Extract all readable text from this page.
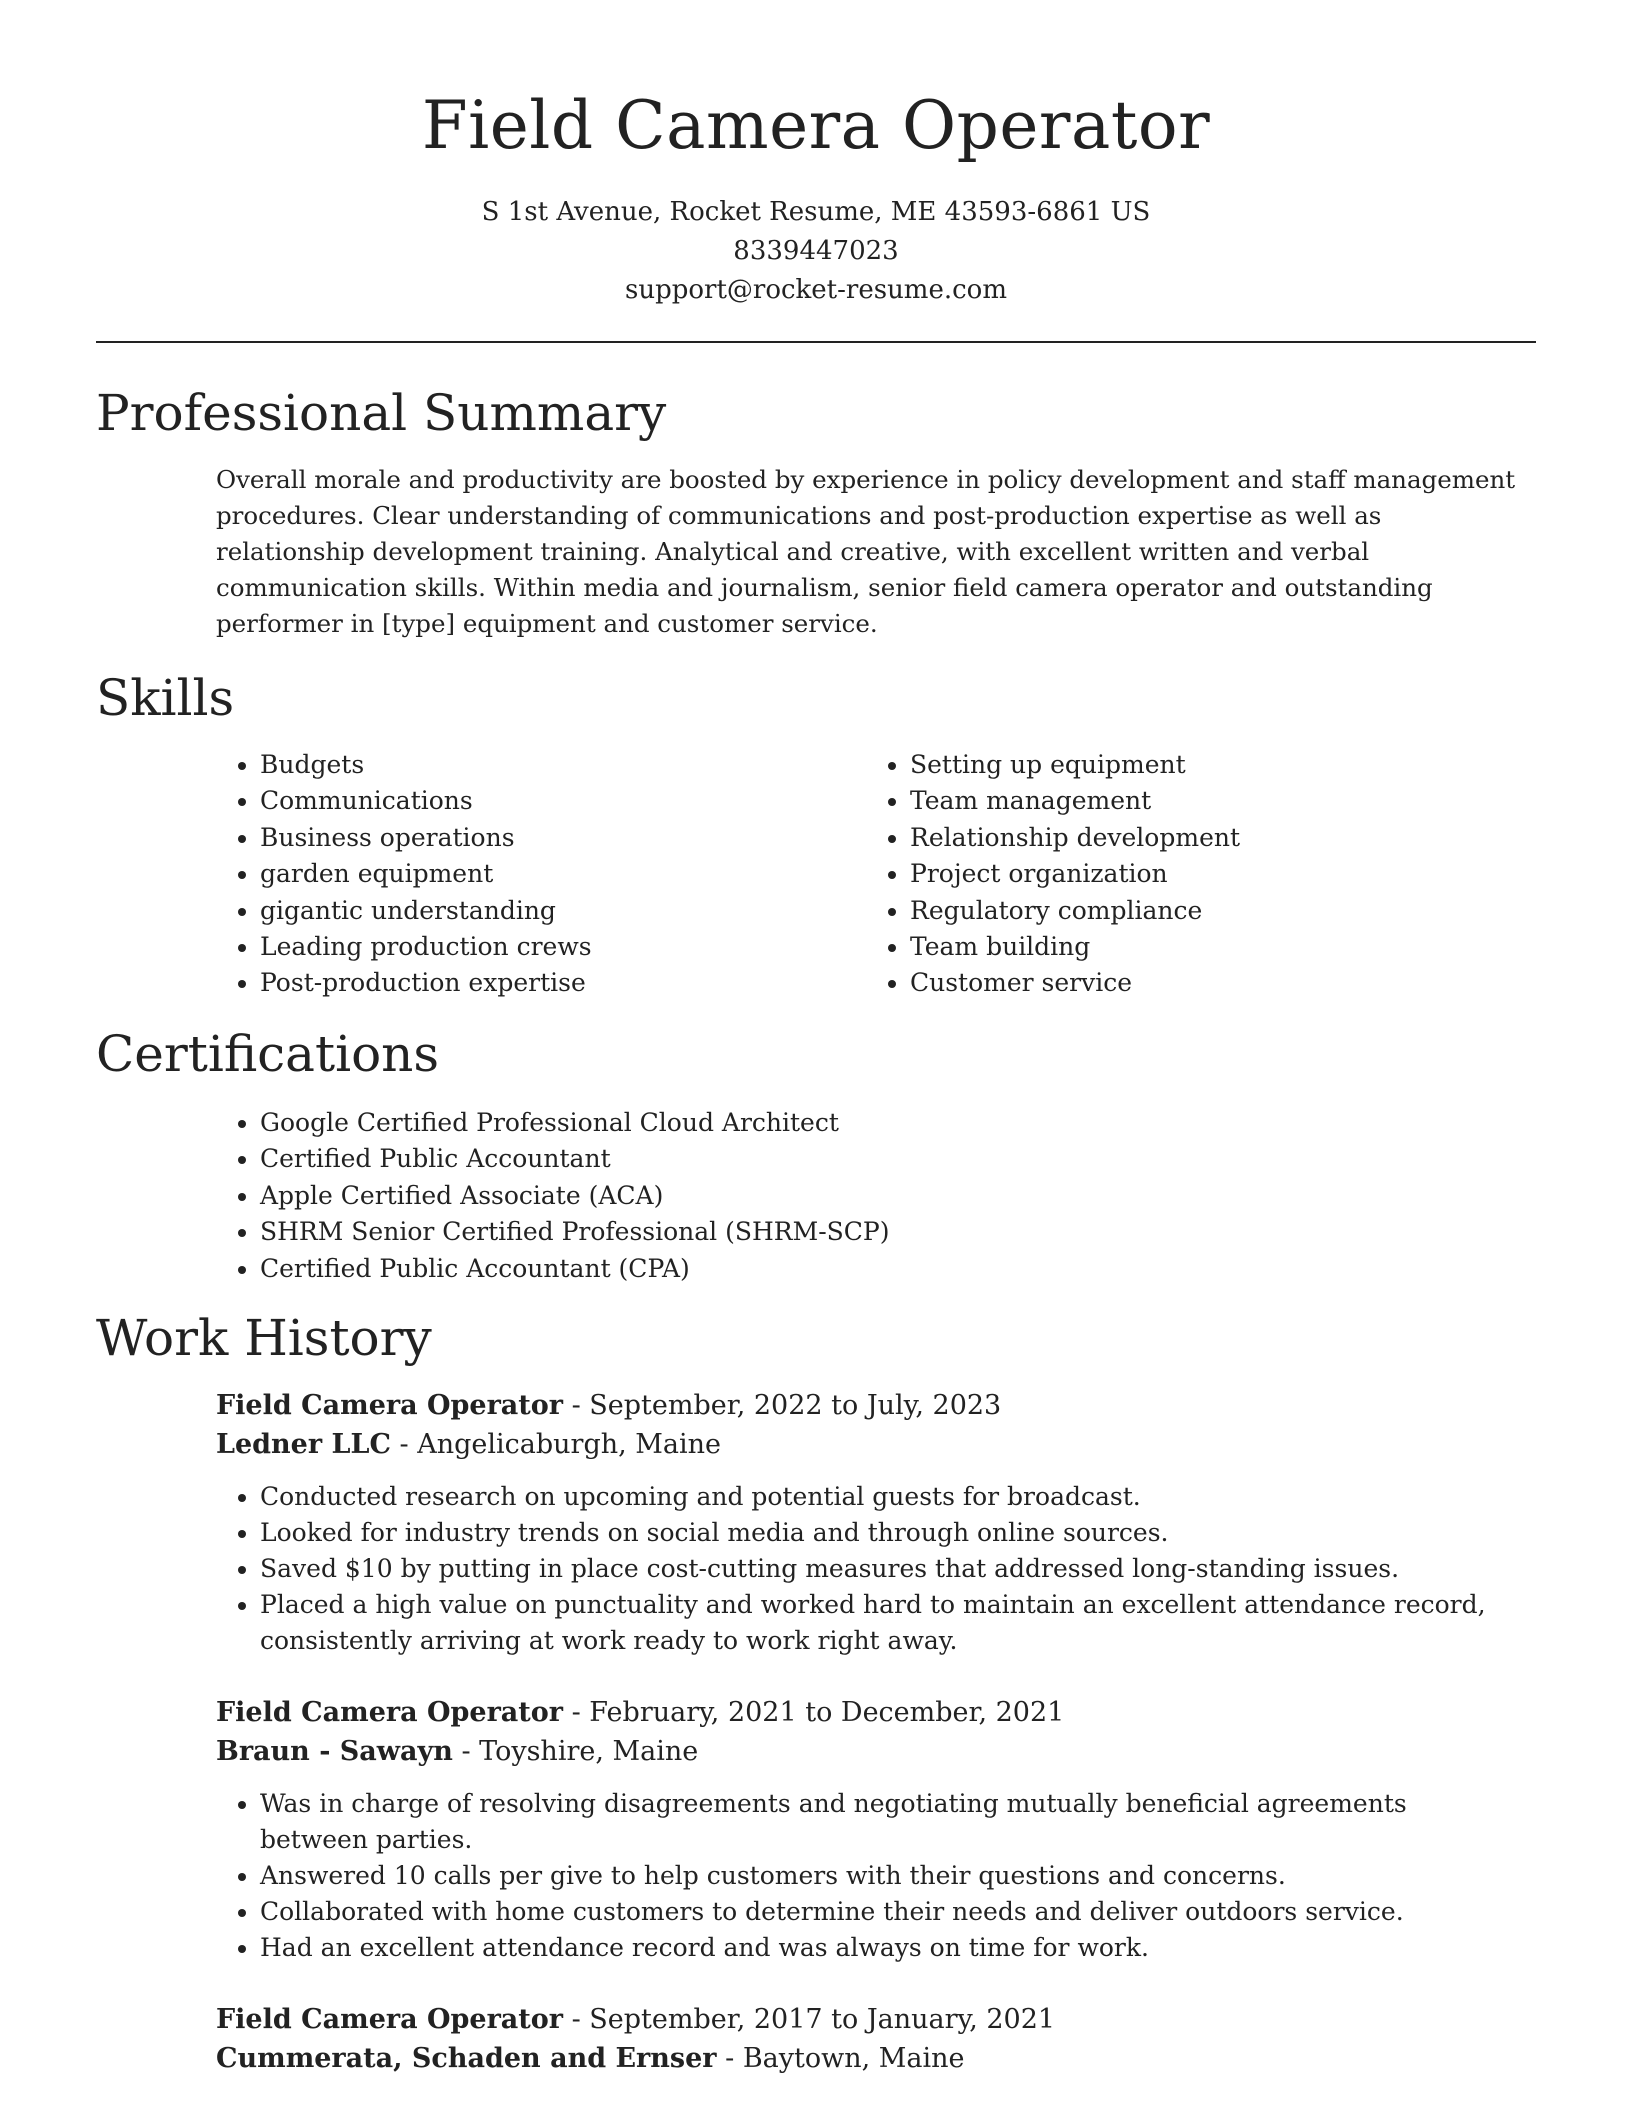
Field Camera Operator
S 1st Avenue, Rocket Resume, ME 43593-6861 US
8339447023
support@rocket-resume.com
Professional Summary

Overall morale and productivity are boosted by experience in policy development and staff management procedures. Clear understanding of communications and post-production expertise as well as relationship development training. Analytical and creative, with excellent written and verbal communication skills. Within media and journalism, senior field camera operator and outstanding performer in [type] equipment and customer service.

Skills
• Budgets
• Communications
• Business operations
• garden equipment
• gigantic understanding
• Leading production crews
• Post-production expertise
• Setting up equipment
• Team management
• Relationship development
• Project organization
• Regulatory compliance
• Team building
• Customer service
Certifications
• Google Certified Professional Cloud Architect
• Certified Public Accountant
• Apple Certified Associate (ACA)
• SHRM Senior Certified Professional (SHRM-SCP)
• Certified Public Accountant (CPA)
Work History
Field Camera Operator - September, 2022 to July, 2023
Ledner LLC - Angelicaburgh, Maine
• Conducted research on upcoming and potential guests for broadcast.
• Looked for industry trends on social media and through online sources.
• Saved $10 by putting in place cost-cutting measures that addressed long-standing issues.
• Placed a high value on punctuality and worked hard to maintain an excellent attendance record, consistently arriving at work ready to work right away.
Field Camera Operator - February, 2021 to December, 2021
Braun - Sawayn - Toyshire, Maine
• Was in charge of resolving disagreements and negotiating mutually beneficial agreements between parties.
• Answered 10 calls per give to help customers with their questions and concerns.
• Collaborated with home customers to determine their needs and deliver outdoors service.
• Had an excellent attendance record and was always on time for work.
Field Camera Operator - September, 2017 to January, 2021
Cummerata, Schaden and Ernser - Baytown, Maine
